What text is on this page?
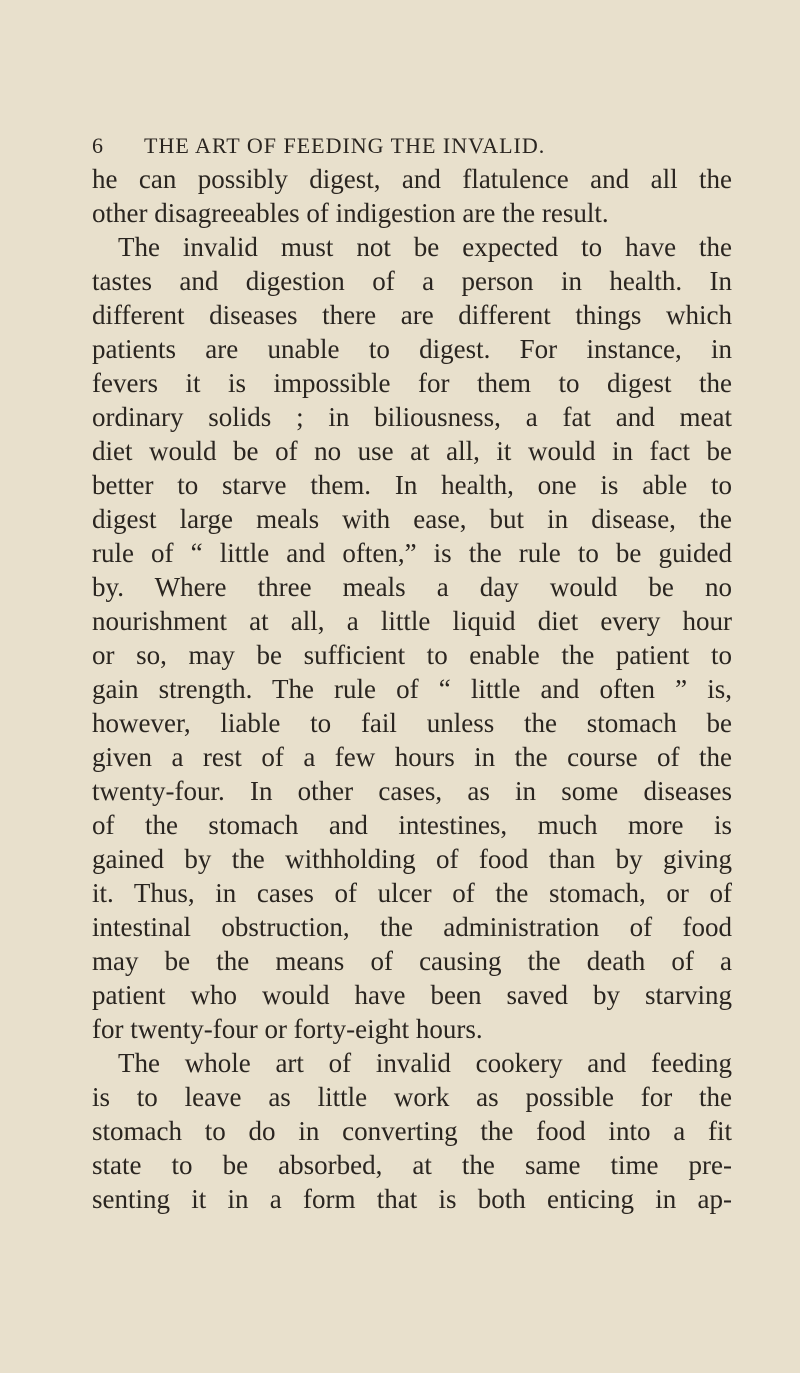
6 THE ART OF FEEDING THE INVALID.
he can possibly digest, and flatulence and all the
other disagreeables of indigestion are the result.
The invalid must not be expected to have the
tastes and digestion of a person in health. In
different diseases there are different things which
patients are unable to digest. For instance, in
fevers it is impossible for them to digest the
ordinary solids ; in biliousness, a fat and meat
diet would be of no use at all, it would in fact be
better to starve them. In health, one is able to
digest large meals with ease, but in disease, the
rule of “ little and often,” is the rule to be guided
by. Where three meals a day would be no
nourishment at all, a little liquid diet every hour
or so, may be sufficient to enable the patient to
gain strength. The rule of “ little and often ” is,
however, liable to fail unless the stomach be
given a rest of a few hours in the course of the
twenty-four. In other cases, as in some diseases
of the stomach and intestines, much more is
gained by the withholding of food than by giving
it. Thus, in cases of ulcer of the stomach, or of
intestinal obstruction, the administration of food
may be the means of causing the death of a
patient who would have been saved by starving
for twenty-four or forty-eight hours.
The whole art of invalid cookery and feeding
is to leave as little work as possible for the
stomach to do in converting the food into a fit
state to be absorbed, at the same time pre-
senting it in a form that is both enticing in ap-
